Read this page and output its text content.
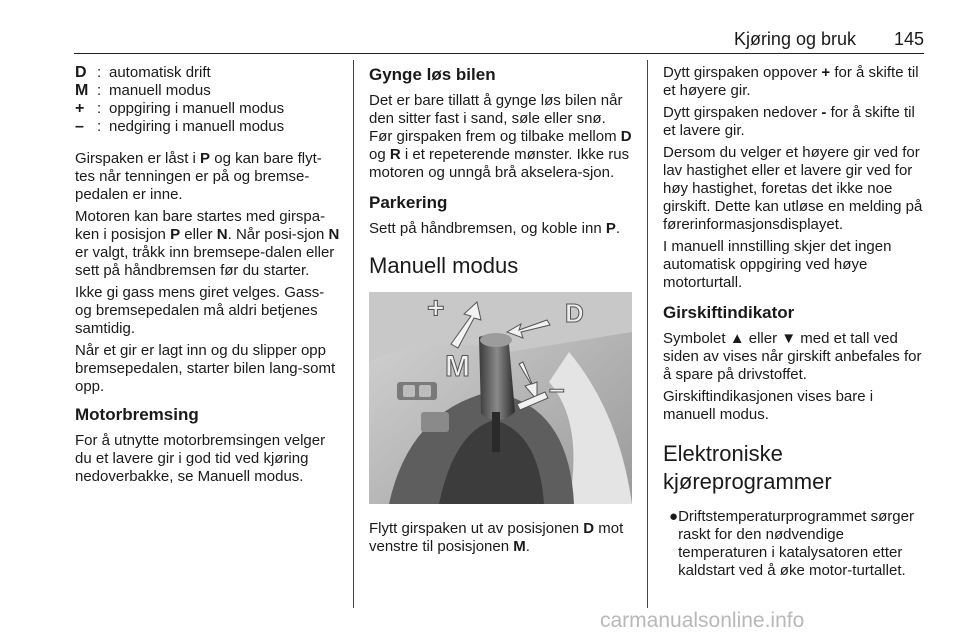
Kjøring og bruk 145
D : automatisk drift
M : manuell modus
+ : oppgiring i manuell modus
– : nedgiring i manuell modus

Girspaken er låst i P og kan bare flyt-tes når tenningen er på og bremse-pedalen er inne.

Motoren kan bare startes med girspa-ken i posisjon P eller N. Når posi-sjon N er valgt, tråkk inn bremsepe-dalen eller sett på håndbremsen før du starter.

Ikke gi gass mens giret velges. Gass- og bremsepedalen må aldri betjenes samtidig.

Når et gir er lagt inn og du slipper opp bremsepedalen, starter bilen lang-somt opp.

Motorbremsing

For å utnytte motorbremsingen velger du et lavere gir i god tid ved kjøring nedoverbakke, se Manuell modus.

Gynge løs bilen

Det er bare tillatt å gynge løs bilen når den sitter fast i sand, søle eller snø. Før girspaken frem og tilbake mellom D og R i et repeterende mønster. Ikke rus motoren og unngå brå akselera-sjon.

Parkering

Sett på håndbremsen, og koble inn P.

Manuell modus
+	D
M
–

Flytt girspaken ut av posisjonen D mot venstre til posisjonen M.

Dytt girspaken oppover + for å skifte til et høyere gir.

Dytt girspaken nedover - for å skifte til et lavere gir.

Dersom du velger et høyere gir ved for lav hastighet eller et lavere gir ved for høy hastighet, foretas det ikke noe girskift. Dette kan utløse en melding på førerinformasjonsdisplayet.

I manuell innstilling skjer det ingen automatisk oppgiring ved høye motorturtall.

Girskiftindikator

Symbolet ▲ eller ▼ med et tall ved siden av vises når girskift anbefales for å spare på drivstoffet.

Girskiftindikasjonen vises bare i manuell modus.

Elektroniske kjøreprogrammer
● Driftstemperaturprogrammet sørger raskt for den nødvendige temperaturen i katalysatoren etter kaldstart ved å øke motor-turtallet.
carmanualsonline.info
